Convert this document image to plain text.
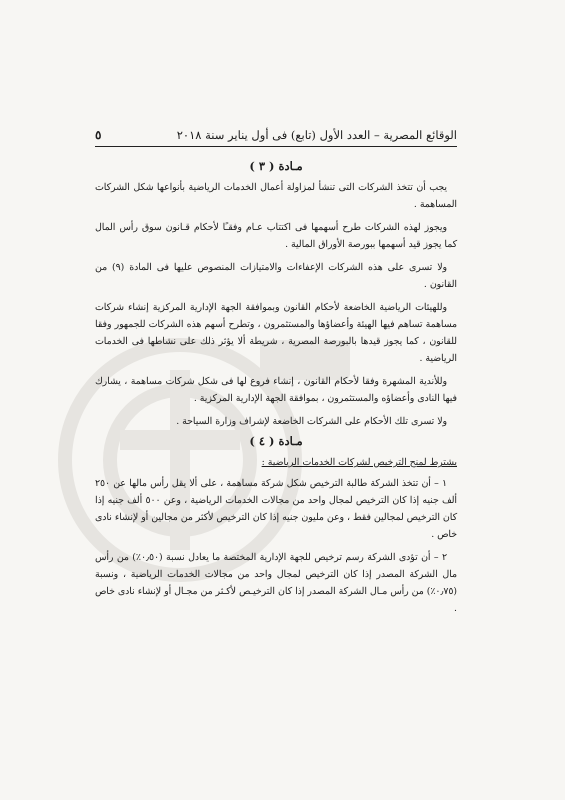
الوقائع المصرية – العدد الأول (تابع) فى أول يناير سنة ٢٠١٨
٥
مـادة ( ٣ )

يجب أن تتخذ الشركات التى تنشأ لمزاولة أعمال الخدمات الرياضية بأنواعها شكل الشركات المساهمة .

ويجوز لهذه الشركات طرح أسهمها فى اكتتاب عـام وفقـًا لأحكام قـانون سوق رأس المال كما يجوز قيد أسهمها ببورصة الأوراق المالية .

ولا تسرى على هذه الشركات الإعفاءات والامتيازات المنصوص عليها فى المادة (٩) من القانون .

وللهيئات الرياضية الخاضعة لأحكام القانون وبموافقة الجهة الإدارية المركزية إنشاء شركات مساهمة تساهم فيها الهيئة وأعضاؤها والمستثمرون ، وتطرح أسهم هذه الشركات للجمهور وفقا للقانون ، كما يجوز قيدها بالبورصة المصرية ، شريطة ألا يؤثر ذلك على نشاطها فى الخدمات الرياضية .

وللأندية المشهرة وفقا لأحكام القانون ، إنشاء فروع لها فى شكل شركات مساهمة ، يشارك فيها النادى وأعضاؤه والمستثمرون ، بموافقة الجهة الإدارية المركزية .

ولا تسرى تلك الأحكام على الشركات الخاضعة لإشراف وزارة السياحة .

مـادة ( ٤ )

يشترط لمنح الترخيص لشركات الخدمات الرياضية :

١ – أن تتخذ الشركة طالبة الترخيص شكل شركة مساهمة ، على ألا يقل رأس مالها عن ٢٥٠ ألف جنيه إذا كان الترخيص لمجال واحد من مجالات الخدمات الرياضية ، وعن ٥٠٠ ألف جنيه إذا كان الترخيص لمجالين فقط ، وعن مليون جنيه إذا كان الترخيص لأكثر من مجالين أو لإنشاء نادى خاص .

٢ – أن تؤدى الشركة رسم ترخيص للجهة الإدارية المختصة ما يعادل نسبة (٠٫٥٠٪) من رأس مال الشركة المصدر إذا كان الترخيص لمجال واحد من مجالات الخدمات الرياضية ، ونسبة (٠٫٧٥٪) من رأس مـال الشركة المصدر إذا كان الترخيـص لأكـثر من مجـال أو لإنشاء نادى خاص .
